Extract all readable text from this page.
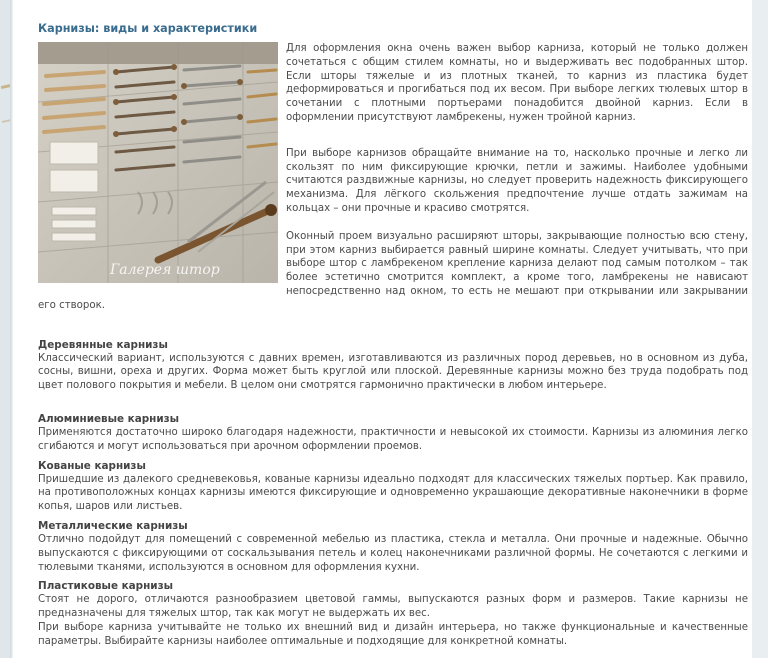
Карнизы: виды и характеристики
Галерея штор

Для оформления окна очень важен выбор карниза, который не только должен сочетаться с общим стилем комнаты, но и выдерживать вес подобранных штор. Если шторы тяжелые и из плотных тканей, то карниз из пластика будет деформироваться и прогибаться под их весом. При выборе легких тюлевых штор в сочетании с плотными портьерами понадобится двойной карниз. Если в оформлении присутствуют ламбрекены, нужен тройной карниз.

При выборе карнизов обращайте внимание на то, насколько прочные и легко ли скользят по ним фиксирующие крючки, петли и зажимы. Наиболее удобными считаются раздвижные карнизы, но следует проверить надежность фиксирующего механизма. Для лёгкого скольжения предпочтение лучше отдать зажимам на кольцах – они прочные и красиво смотрятся.

Оконный проем визуально расширяют шторы, закрывающие полностью всю стену, при этом карниз выбирается равный ширине комнаты. Следует учитывать, что при выборе штор с ламбрекеном крепление карниза делают под самым потолком – так более эстетично смотрится комплект, а кроме того, ламбрекены не нависают непосредственно над окном, то есть не мешают при открывании или закрывании его створок.

Деревянные карнизы

Классический вариант, используются с давних времен, изготавливаются из различных пород деревьев, но в основном из дуба, сосны, вишни, ореха и других. Форма может быть круглой или плоской. Деревянные карнизы можно без труда подобрать под цвет полового покрытия и мебели. В целом они смотрятся гармонично практически в любом интерьере.

Алюминиевые карнизы

Применяются достаточно широко благодаря надежности, практичности и невысокой их стоимости. Карнизы из алюминия легко сгибаются и могут использоваться при арочном оформлении проемов.

Кованые карнизы

Пришедшие из далекого средневековья, кованые карнизы идеально подходят для классических тяжелых портьер. Как правило, на противоположных концах карнизы имеются фиксирующие и одновременно украшающие декоративные наконечники в форме копья, шаров или листьев.

Металлические карнизы

Отлично подойдут для помещений с современной мебелью из пластика, стекла и металла. Они прочные и надежные. Обычно выпускаются с фиксирующими от соскальзывания петель и колец наконечниками различной формы. Не сочетаются с легкими и тюлевыми тканями, используются в основном для оформления кухни.

Пластиковые карнизы

Стоят не дорого, отличаются разнообразием цветовой гаммы, выпускаются разных форм и размеров. Такие карнизы не предназначены для тяжелых штор, так как могут не выдержать их вес.

При выборе карниза учитывайте не только их внешний вид и дизайн интерьера, но также функциональные и качественные параметры. Выбирайте карнизы наиболее оптимальные и подходящие для конкретной комнаты.
